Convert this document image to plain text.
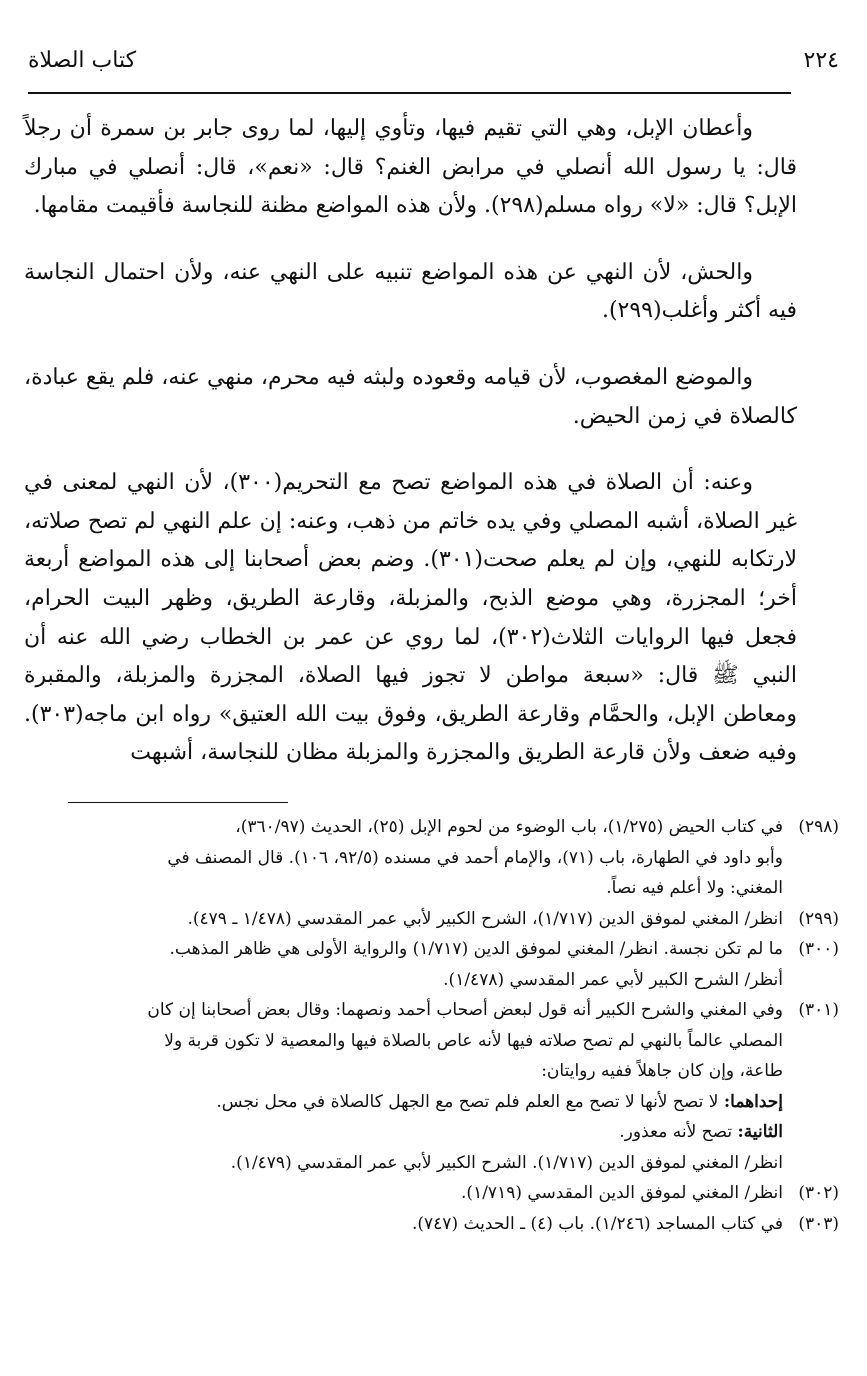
٢٢٤
كتاب الصلاة

وأعطان الإبل، وهي التي تقيم فيها، وتأوي إليها، لما روى جابر بن سمرة أن رجلاً قال: يا رسول الله أنصلي في مرابض الغنم؟ قال: «نعم»، قال: أنصلي في مبارك الإبل؟ قال: «لا» رواه مسلم(٢٩٨). ولأن هذه المواضع مظنة للنجاسة فأقيمت مقامها.

والحش، لأن النهي عن هذه المواضع تنبيه على النهي عنه، ولأن احتمال النجاسة فيه أكثر وأغلب(٢٩٩).

والموضع المغصوب، لأن قيامه وقعوده ولبثه فيه محرم، منهي عنه، فلم يقع عبادة، كالصلاة في زمن الحيض.

وعنه: أن الصلاة في هذه المواضع تصح مع التحريم(٣٠٠)، لأن النهي لمعنى في غير الصلاة، أشبه المصلي وفي يده خاتم من ذهب، وعنه: إن علم النهي لم تصح صلاته، لارتكابه للنهي، وإن لم يعلم صحت(٣٠١). وضم بعض أصحابنا إلى هذه المواضع أربعة أخر؛ المجزرة، وهي موضع الذبح، والمزبلة، وقارعة الطريق، وظهر البيت الحرام، فجعل فيها الروايات الثلاث(٣٠٢)، لما روي عن عمر بن الخطاب رضي الله عنه أن النبي ﷺ قال: «سبعة مواطن لا تجوز فيها الصلاة، المجزرة والمزبلة، والمقبرة ومعاطن الإبل، والحمَّام وقارعة الطريق، وفوق بيت الله العتيق» رواه ابن ماجه(٣٠٣). وفيه ضعف ولأن قارعة الطريق والمجزرة والمزبلة مظان للنجاسة، أشبهت

(٢٩٨)
في كتاب الحيض (١/٢٧٥)، باب الوضوء من لحوم الإبل (٢٥)، الحديث (٣٦٠/٩٧)،
وأبو داود في الطهارة، باب (٧١)، والإمام أحمد في مسنده (٩٢/٥، ١٠٦). قال المصنف في
المغني: ولا أعلم فيه نصاً.
(٢٩٩)
انظر/ المغني لموفق الدين (١/٧١٧)، الشرح الكبير لأبي عمر المقدسي (١/٤٧٨ ـ ٤٧٩).
(٣٠٠)
ما لم تكن نجسة. انظر/ المغني لموفق الدين (١/٧١٧) والرواية الأولى هي ظاهر المذهب.
أنظر/ الشرح الكبير لأبي عمر المقدسي (١/٤٧٨).
(٣٠١)
وفي المغني والشرح الكبير أنه قول لبعض أصحاب أحمد ونصهما: وقال بعض أصحابنا إن كان
المصلي عالماً بالنهي لم تصح صلاته فيها لأنه عاص بالصلاة فيها والمعصية لا تكون قربة ولا
طاعة، وإن كان جاهلاً ففيه روايتان:
إحداهما: لا تصح لأنها لا تصح مع العلم فلم تصح مع الجهل كالصلاة في محل نجس.
الثانية: تصح لأنه معذور.
انظر/ المغني لموفق الدين (١/٧١٧). الشرح الكبير لأبي عمر المقدسي (١/٤٧٩).
(٣٠٢)
انظر/ المغني لموفق الدين المقدسي (١/٧١٩).
(٣٠٣)
في كتاب المساجد (١/٢٤٦). باب (٤) ـ الحديث (٧٤٧).
